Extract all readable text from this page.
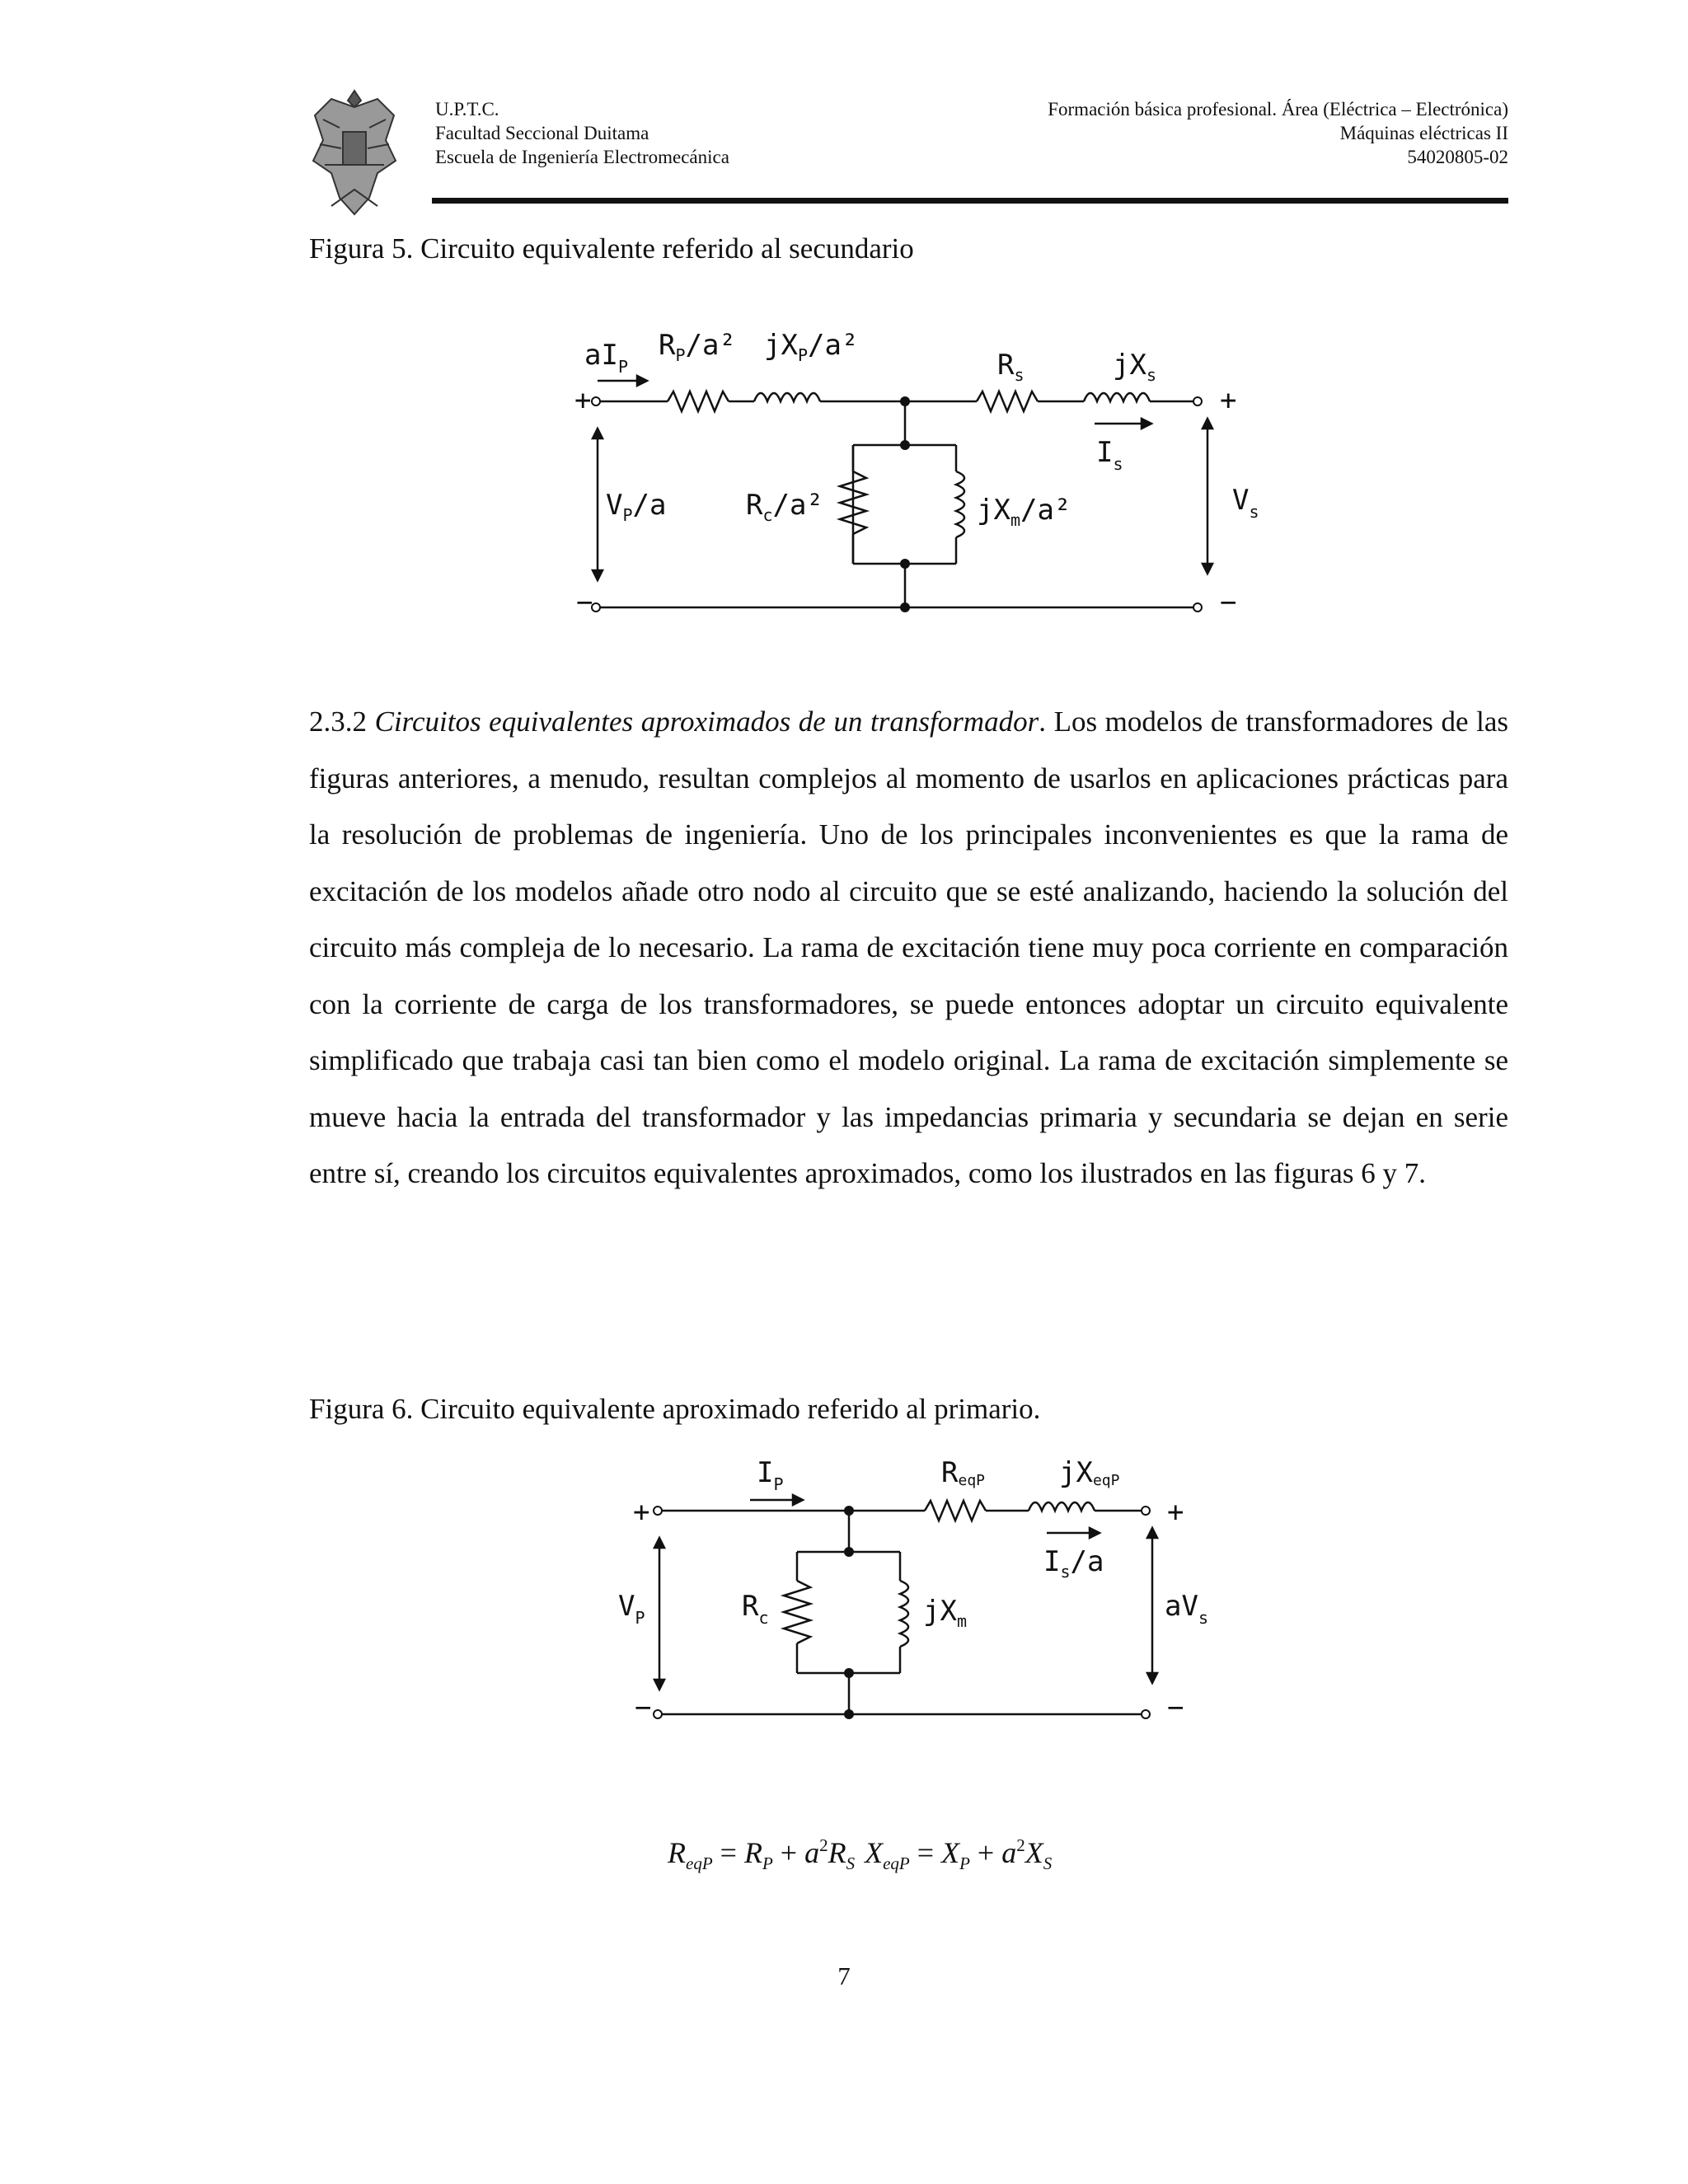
U.P.T.C.
Facultad Seccional Duitama
Escuela de Ingeniería Electromecánica
Formación básica profesional. Área (Eléctrica – Electrónica)
Máquinas eléctricas II
54020805-02
Figura 5. Circuito equivalente referido al secundario
+
−
+
−
$aI_P$
$R_P/a^2$ $jX_P/a^2$
$R_s$	$jX_s$
$I_s$
$V_P/a$	$R_c/a^2$	$jX_m/a^2$	$V_s$
2.3.2 Circuitos equivalentes aproximados de un transformador. Los modelos de transformadores de las figuras anteriores, a menudo, resultan complejos al momento de usarlos en aplicaciones prácticas para la resolución de problemas de ingeniería. Uno de los principales inconvenientes es que la rama de excitación de los modelos añade otro nodo al circuito que se esté analizando, haciendo la solución del circuito más compleja de lo necesario. La rama de excitación tiene muy poca corriente en comparación con la corriente de carga de los transformadores, se puede entonces adoptar un circuito equivalente simplificado que trabaja casi tan bien como el modelo original. La rama de excitación simplemente se mueve hacia la entrada del transformador y las impedancias primaria y secundaria se dejan en serie entre sí, creando los circuitos equivalentes aproximados, como los ilustrados en las figuras 6 y 7.
Figura 6. Circuito equivalente aproximado referido al primario.
+
−
+
−
$I_P$	ReqP	jXeqP
$I_s/a$
$V_P$	$R_c$	$jX_m$	$aV_s$
$R_{eqP} = R_P + a^2R_S$ $X_{eqP} = X_P + a^2X_S$
7
